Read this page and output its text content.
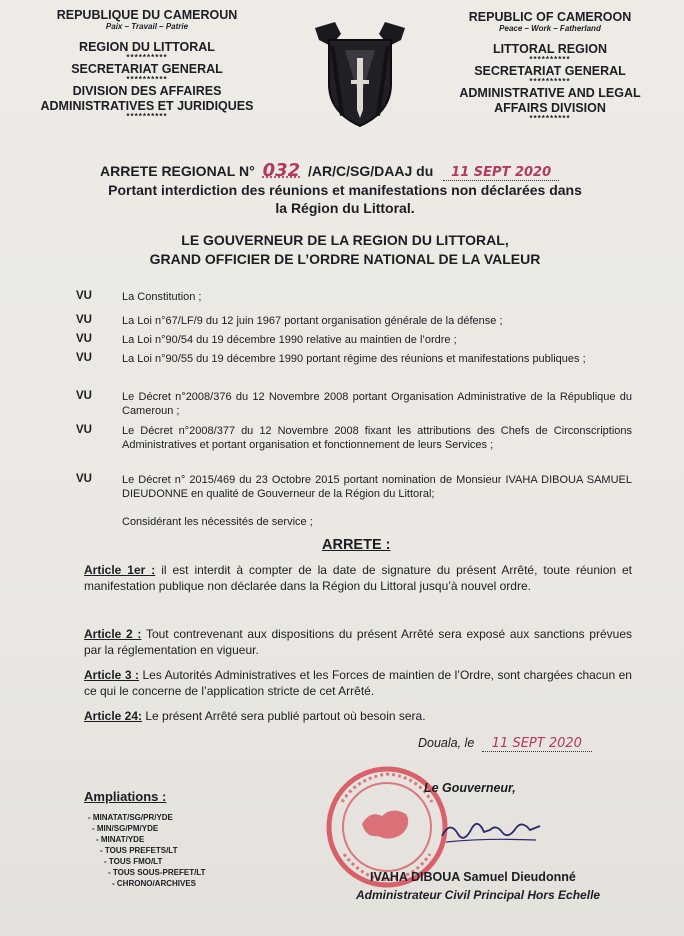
REPUBLIQUE DU CAMEROUN
Paix – Travail – Patrie
REGION DU LITTORAL
**********
SECRETARIAT GENERAL
**********
DIVISION DES AFFAIRES
ADMINISTRATIVES ET JURIDIQUES
**********
REPUBLIC OF CAMEROON
Peace – Work – Fatherland
LITTORAL REGION
**********
SECRETARIAT GENERAL
**********
ADMINISTRATIVE AND LEGAL
AFFAIRS DIVISION
**********
ARRETE REGIONAL N° 032 /AR/C/SG/DAAJ du 11 SEPT 2020
Portant interdiction des réunions et manifestations non déclarées dans
la Région du Littoral.
LE GOUVERNEUR DE LA REGION DU LITTORAL,
GRAND OFFICIER DE L’ORDRE NATIONAL DE LA VALEUR
VU	La Constitution ;
VU	La Loi n°67/LF/9 du 12 juin 1967 portant organisation générale de la défense ;
VU	La Loi n°90/54 du 19 décembre 1990 relative au maintien de l’ordre ;
VU	La Loi n°90/55 du 19 décembre 1990 portant régime des réunions et manifestations publiques ;
VU	Le Décret n°2008/376 du 12 Novembre 2008 portant Organisation Administrative de la République du Cameroun ;
VU	Le Décret n°2008/377 du 12 Novembre 2008 fixant les attributions des Chefs de Circonscriptions Administratives et portant organisation et fonctionnement de leurs Services ;
VU	Le Décret n° 2015/469 du 23 Octobre 2015 portant nomination de Monsieur IVAHA DIBOUA SAMUEL DIEUDONNE en qualité de Gouverneur de la Région du Littoral;
Considérant les nécessités de service ;
ARRETE :
Article 1er : il est interdit à compter de la date de signature du présent Arrêté, toute réunion et manifestation publique non déclarée dans la Région du Littoral jusqu’à nouvel ordre.
Article 2 : Tout contrevenant aux dispositions du présent Arrêté sera exposé aux sanctions prévues par la réglementation en vigueur.
Article 3 : Les Autorités Administratives et les Forces de maintien de l’Ordre, sont chargées chacun en ce qui le concerne de l’application stricte de cet Arrêté.
Article 24: Le présent Arrêté sera publié partout où besoin sera.
Douala, le 11 SEPT 2020
Ampliations :
- MINATAT/SG/PR/YDE
- MIN/SG/PM/YDE
- MINAT/YDE
- TOUS PREFETS/LT
- TOUS FMO/LT
- TOUS SOUS-PREFET/LT
- CHRONO/ARCHIVES
Le Gouverneur,
IVAHA DIBOUA Samuel Dieudonné
Administrateur Civil Principal Hors Echelle
